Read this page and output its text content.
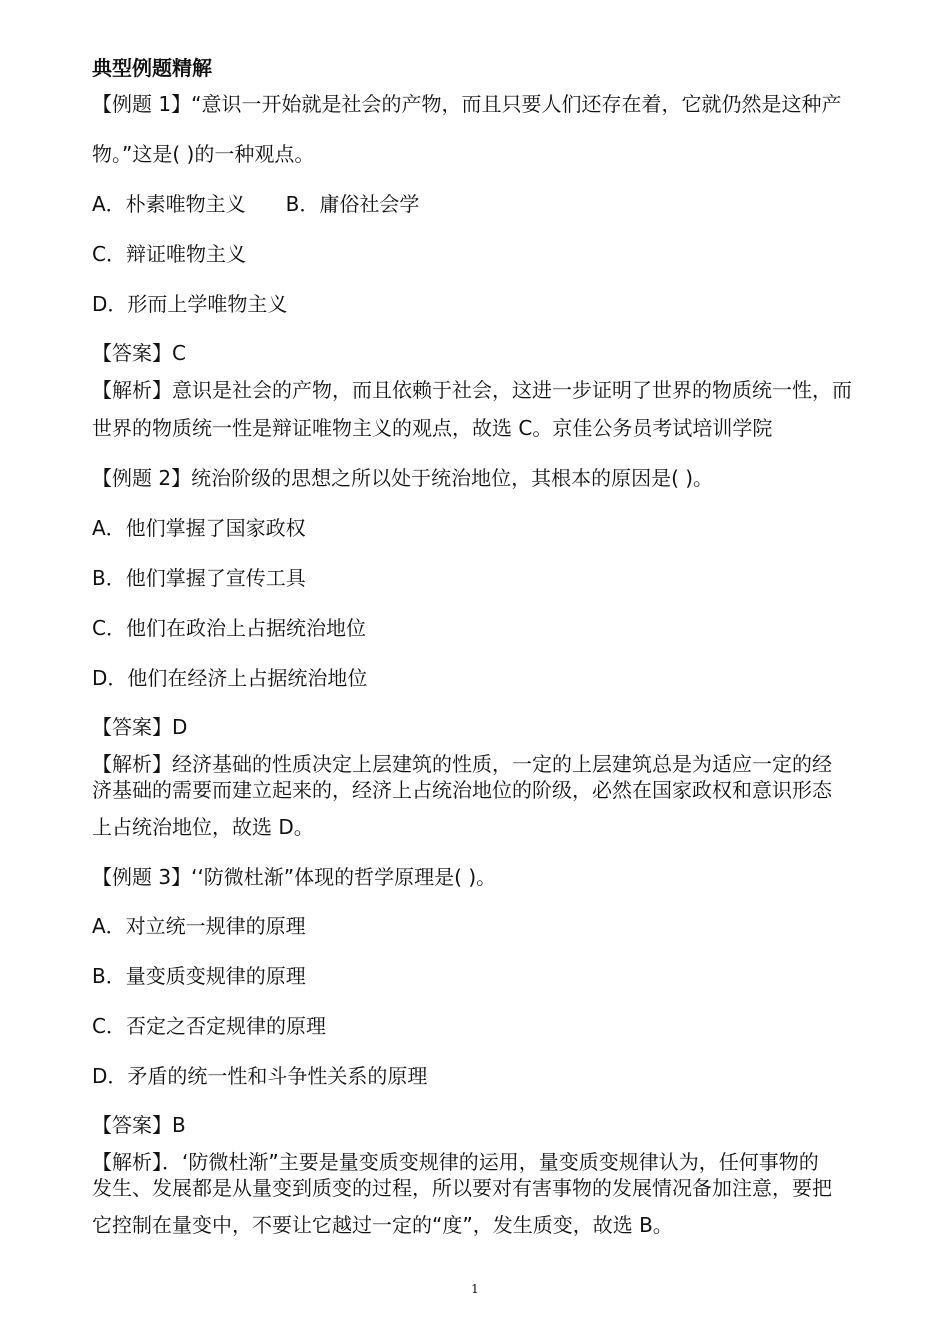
典型例题精解
【例题 1】“意识一开始就是社会的产物，而且只要人们还存在着，它就仍然是这种产
物。”这是( )的一种观点。
A．朴素唯物主义　　B．庸俗社会学
C．辩证唯物主义
D．形而上学唯物主义
【答案】C
【解析】意识是社会的产物，而且依赖于社会，这进一步证明了世界的物质统一性，而
世界的物质统一性是辩证唯物主义的观点，故选 C。京佳公务员考试培训学院
【例题 2】统治阶级的思想之所以处于统治地位，其根本的原因是( )。
A．他们掌握了国家政权
B．他们掌握了宣传工具
C．他们在政治上占据统治地位
D．他们在经济上占据统治地位
【答案】D
【解析】经济基础的性质决定上层建筑的性质，一定的上层建筑总是为适应一定的经
济基础的需要而建立起来的，经济上占统治地位的阶级，必然在国家政权和意识形态
上占统治地位，故选 D。
【例题 3】‘‘防微杜渐”体现的哲学原理是( )。
A．对立统一规律的原理
B．量变质变规律的原理
C．否定之否定规律的原理
D．矛盾的统一性和斗争性关系的原理
【答案】B
【解析】．‘防微杜渐”主要是量变质变规律的运用，量变质变规律认为，任何事物的
发生、发展都是从量变到质变的过程，所以要对有害事物的发展情况备加注意，要把
它控制在量变中，不要让它越过一定的“度”，发生质变，故选 B。
1
